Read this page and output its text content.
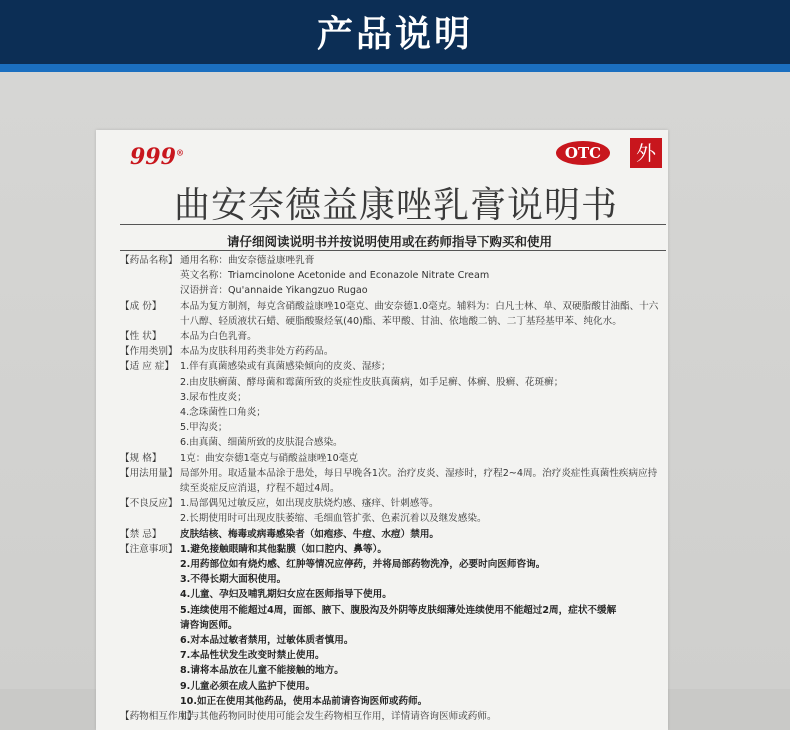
产品说明
999®	OTC	外
曲安奈德益康唑乳膏说明书
请仔细阅读说明书并按说明使用或在药师指导下购买和使用
【药品名称】 通用名称：曲安奈德益康唑乳膏
英文名称：Triamcinolone Acetonide and Econazole Nitrate Cream
汉语拼音：Qu'annaide Yikangzuo Rugao
【成 份】	本品为复方制剂，每克含硝酸益康唑10毫克、曲安奈德1.0毫克。辅料为：白凡士林、单、双硬脂酸甘油酯、十六十八醇、轻质液状石蜡、硬脂酸聚烃氧(40)酯、苯甲酸、甘油、依地酸二钠、二丁基羟基甲苯、纯化水。
【性 状】	本品为白色乳膏。
【作用类别】 本品为皮肤科用药类非处方药药品。
【适 应 症】 1.伴有真菌感染或有真菌感染倾向的皮炎、湿疹；
2.由皮肤癣菌、酵母菌和霉菌所致的炎症性皮肤真菌病，如手足癣、体癣、股癣、花斑癣；
3.尿布性皮炎；
4.念珠菌性口角炎；
5.甲沟炎；
6.由真菌、细菌所致的皮肤混合感染。
【规 格】	1克：曲安奈德1毫克与硝酸益康唑10毫克
【用法用量】 局部外用。取适量本品涂于患处，每日早晚各1次。治疗皮炎、湿疹时，疗程2~4周。治疗炎症性真菌性疾病应持续至炎症反应消退，疗程不超过4周。
【不良反应】 1.局部偶见过敏反应，如出现皮肤烧灼感、瘙痒、针刺感等。
2.长期使用时可出现皮肤萎缩、毛细血管扩张、色素沉着以及继发感染。
【禁 忌】	皮肤结核、梅毒或病毒感染者（如疱疹、牛痘、水痘）禁用。
【注意事项】 1.避免接触眼睛和其他黏膜（如口腔内、鼻等）。
2.用药部位如有烧灼感、红肿等情况应停药，并将局部药物洗净，必要时向医师咨询。
3.不得长期大面积使用。
4.儿童、孕妇及哺乳期妇女应在医师指导下使用。
5.连续使用不能超过4周，面部、腋下、腹股沟及外阴等皮肤细薄处连续使用不能超过2周，症状不缓解
请咨询医师。
6.对本品过敏者禁用，过敏体质者慎用。
7.本品性状发生改变时禁止使用。
8.请将本品放在儿童不能接触的地方。
9.儿童必须在成人监护下使用。
10.如正在使用其他药品，使用本品前请咨询医师或药师。
【药物相互作用】
如与其他药物同时使用可能会发生药物相互作用，详情请咨询医师或药师。
